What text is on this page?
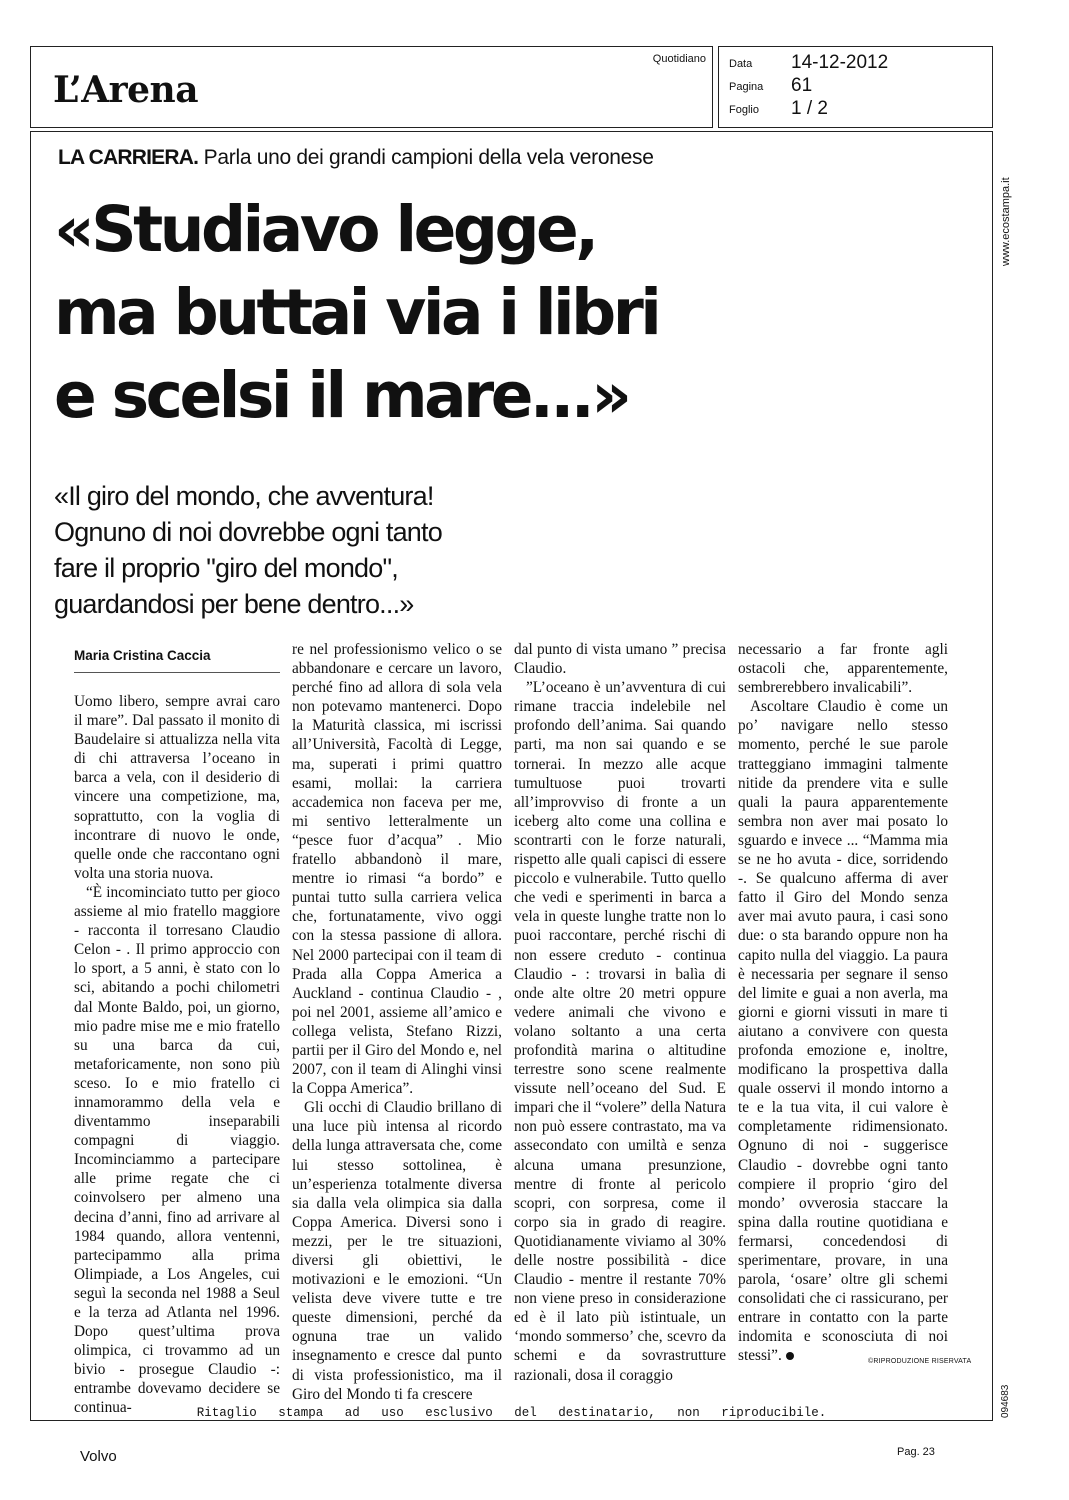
L’Arena
Quotidiano Data 14-12-2012
Pagina 61
Foglio 1 / 2
www.ecostampa.it
094683
LA CARRIERA. Parla uno dei grandi campioni della vela veronese
«Studiavo legge,
ma buttai via i libri
e scelsi il mare...»
«Il giro del mondo, che avventura!
Ognuno di noi dovrebbe ogni tanto
fare il proprio "giro del mondo",
guardandosi per bene dentro...»
Maria Cristina Caccia

Uomo libero, sempre avrai caro il mare”. Dal passato il monito di Baudelaire si attualizza nella vita di chi attraversa l’oceano in barca a vela, con il desiderio di vincere una competizione, ma, soprattutto, con la voglia di incontrare di nuovo le onde, quelle onde che raccontano ogni volta una storia nuova.

“È incominciato tutto per gioco assieme al mio fratello maggiore - racconta il torresano Claudio Celon - . Il primo approccio con lo sport, a 5 anni, è stato con lo sci, abitando a pochi chilometri dal Monte Baldo, poi, un giorno, mio padre mise me e mio fratello su una barca da cui, metaforicamente, non sono più sceso. Io e mio fratello ci innamorammo della vela e diventammo inseparabili compagni di viaggio. Incominciammo a partecipare alle prime regate che ci coinvolsero per almeno una decina d’anni, fino ad arrivare al 1984 quando, allora ventenni, partecipammo alla prima Olimpiade, a Los Angeles, cui seguì la seconda nel 1988 a Seul e la terza ad Atlanta nel 1996. Dopo quest’ultima prova olimpica, ci trovammo ad un bivio - prosegue Claudio -: entrambe dovevamo decidere se continua-

re nel professionismo velico o se abbandonare e cercare un lavoro, perché fino ad allora di sola vela non potevamo mantenerci. Dopo la Maturità classica, mi iscrissi all’Università, Facoltà di Legge, ma, superati i primi quattro esami, mollai: la carriera accademica non faceva per me, mi sentivo letteralmente un “pesce fuor d’acqua” . Mio fratello abbandonò il mare, mentre io rimasi “a bordo” e puntai tutto sulla carriera velica che, fortunatamente, vivo oggi con la stessa passione di allora. Nel 2000 partecipai con il team di Prada alla Coppa America a Auckland - continua Claudio - , poi nel 2001, assieme all’amico e collega velista, Stefano Rizzi, partii per il Giro del Mondo e, nel 2007, con il team di Alinghi vinsi la Coppa America”.

Gli occhi di Claudio brillano di una luce più intensa al ricordo della lunga attraversata che, come lui stesso sottolinea, è un’esperienza totalmente diversa sia dalla vela olimpica sia dalla Coppa America. Diversi sono i mezzi, per le tre situazioni, diversi gli obiettivi, le motivazioni e le emozioni. “Un velista deve vivere tutte e tre queste dimensioni, perché da ognuna trae un valido insegnamento e cresce dal punto di vista professionistico, ma il Giro del Mondo ti fa crescere

dal punto di vista umano ” precisa Claudio.

”L’oceano è un’avventura di cui rimane traccia indelebile nel profondo dell’anima. Sai quando parti, ma non sai quando e se tornerai. In mezzo alle acque tumultuose puoi trovarti all’improvviso di fronte a un iceberg alto come una collina e scontrarti con le forze naturali, rispetto alle quali capisci di essere piccolo e vulnerabile. Tutto quello che vedi e sperimenti in barca a vela in queste lunghe tratte non lo puoi raccontare, perché rischi di non essere creduto - continua Claudio - : trovarsi in balìa di onde alte oltre 20 metri oppure vedere animali che vivono e volano soltanto a una certa profondità marina o altitudine terrestre sono scene realmente vissute nell’oceano del Sud. E impari che il “volere” della Natura non può essere contrastato, ma va assecondato con umiltà e senza alcuna umana presunzione, mentre di fronte al pericolo scopri, con sorpresa, come il corpo sia in grado di reagire. Quotidianamente viviamo al 30% delle nostre possibilità - dice Claudio - mentre il restante 70% non viene preso in considerazione ed è il lato più istintuale, un ‘mondo sommerso’ che, scevro da schemi e da sovrastrutture razionali, dosa il coraggio

necessario a far fronte agli ostacoli che, apparentemente, sembrerebbero invalicabili”.

Ascoltare Claudio è come un po’ navigare nello stesso momento, perché le sue parole tratteggiano immagini talmente nitide da prendere vita e sulle quali la paura apparentemente sembra non aver mai posato lo sguardo e invece ... “Mamma mia se ne ho avuta - dice, sorridendo -. Se qualcuno afferma di aver fatto il Giro del Mondo senza aver mai avuto paura, i casi sono due: o sta barando oppure non ha capito nulla del viaggio. La paura è necessaria per segnare il senso del limite e guai a non averla, ma giorni e giorni vissuti in mare ti aiutano a convivere con questa profonda emozione e, inoltre, modificano la prospettiva dalla quale osservi il mondo intorno a te e la tua vita, il cui valore è completamente ridimensionato. Ognuno di noi - suggerisce Claudio - dovrebbe ogni tanto compiere il proprio ‘giro del mondo’ ovverosia staccare la spina dalla routine quotidiana e fermarsi, concedendosi di sperimentare, provare, in una parola, ‘osare’ oltre gli schemi consolidati che ci rassicurano, per entrare in contatto con la parte indomita e sconosciuta di noi stessi”.	©RIPRODUZIONE RISERVATA
Ritaglio stampa ad uso esclusivo del destinatario, non riproducibile.
Volvo	Pag. 23
